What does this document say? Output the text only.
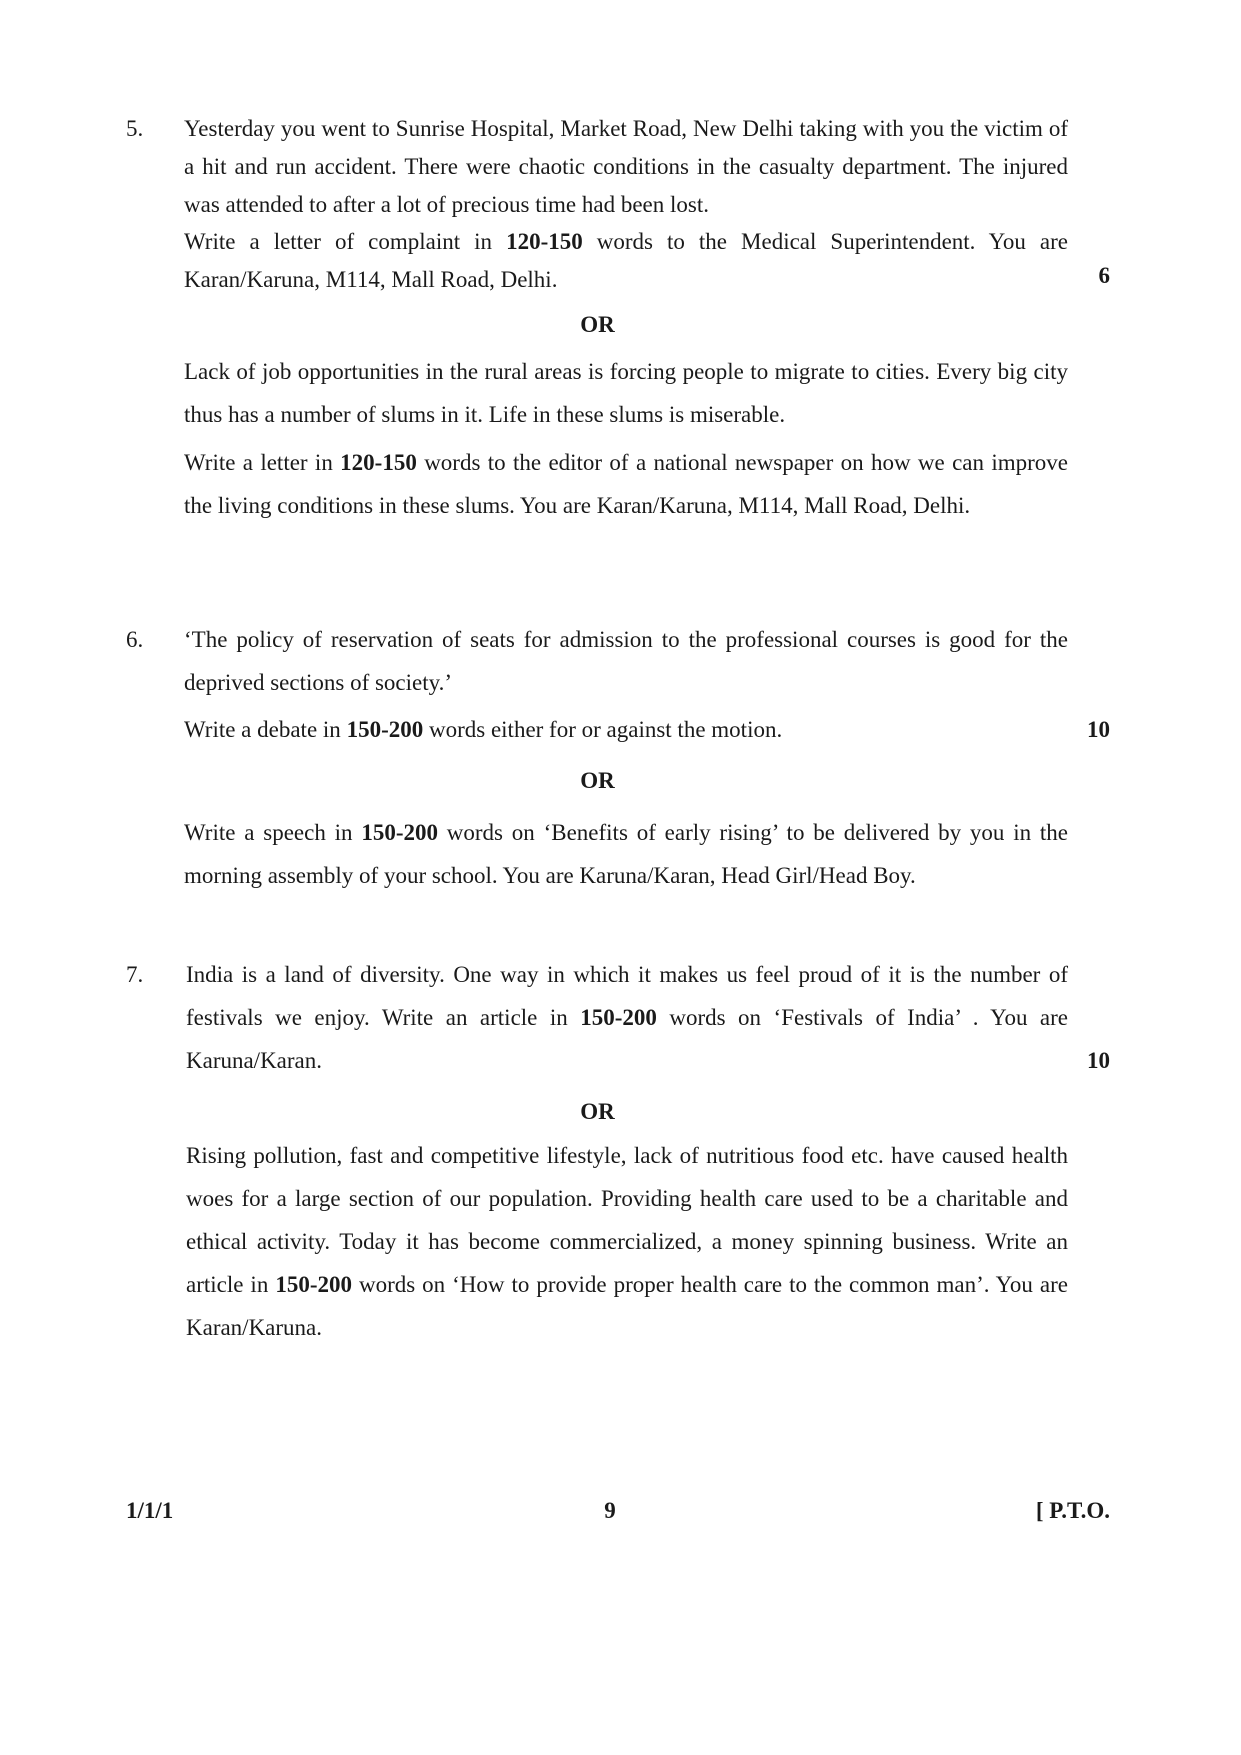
5. Yesterday you went to Sunrise Hospital, Market Road, New Delhi taking with you the victim of a hit and run accident. There were chaotic conditions in the casualty department. The injured was attended to after a lot of precious time had been lost.
Write a letter of complaint in 120-150 words to the Medical Superintendent. You are Karan/Karuna, M114, Mall Road, Delhi.	6
OR
Lack of job opportunities in the rural areas is forcing people to migrate to cities. Every big city thus has a number of slums in it. Life in these slums is miserable.
Write a letter in 120-150 words to the editor of a national newspaper on how we can improve the living conditions in these slums. You are Karan/Karuna, M114, Mall Road, Delhi.
6. ‘The policy of reservation of seats for admission to the professional courses is good for the deprived sections of society.’
Write a debate in 150-200 words either for or against the motion.	10
OR
Write a speech in 150-200 words on ‘Benefits of early rising’ to be delivered by you in the morning assembly of your school. You are Karuna/Karan, Head Girl/Head Boy.
7. India is a land of diversity. One way in which it makes us feel proud of it is the number of festivals we enjoy. Write an article in 150-200 words on ‘Festivals of India’ . You are Karuna/Karan.	10
OR
Rising pollution, fast and competitive lifestyle, lack of nutritious food etc. have caused health woes for a large section of our population. Providing health care used to be a charitable and ethical activity. Today it has become commercialized, a money spinning business. Write an article in 150-200 words on ‘How to provide proper health care to the common man’. You are Karan/Karuna.
1/1/1	9	[ P.T.O.
